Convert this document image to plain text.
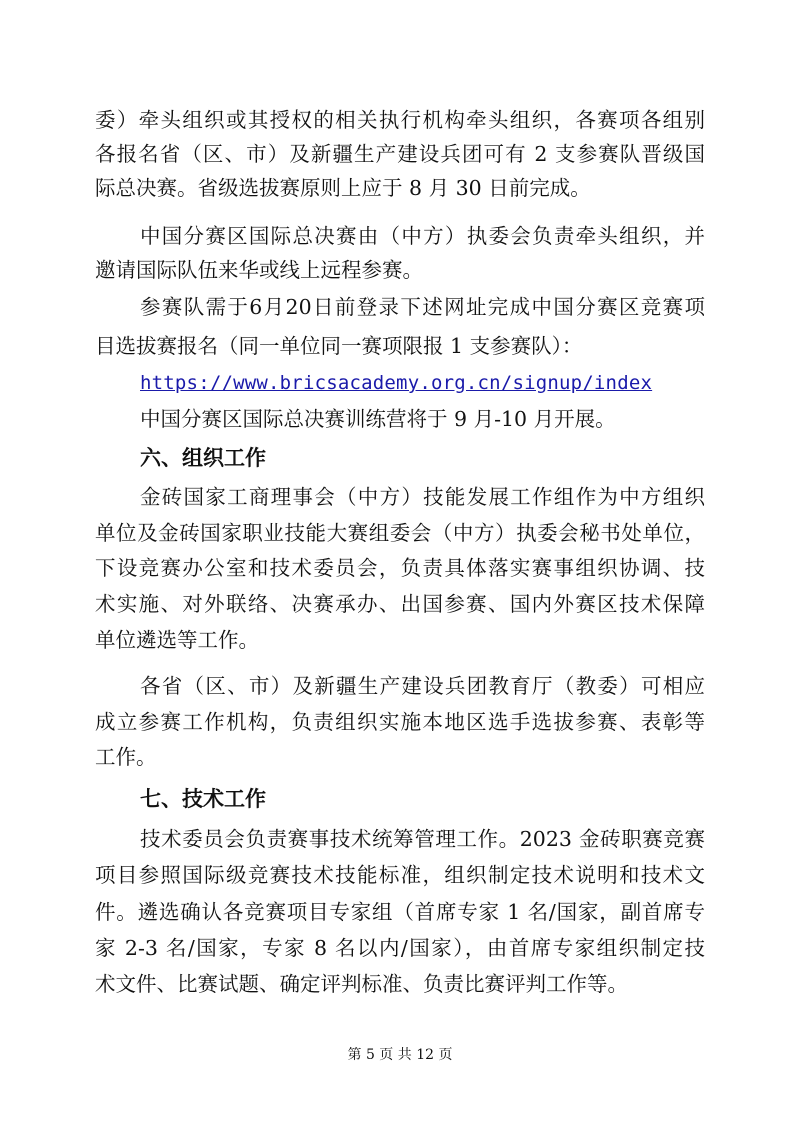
委）牵头组织或其授权的相关执行机构牵头组织，各赛项各组别
各报名省（区、市）及新疆生产建设兵团可有 2 支参赛队晋级国
际总决赛。省级选拔赛原则上应于 8 月 30 日前完成。
中国分赛区国际总决赛由（中方）执委会负责牵头组织，并
邀请国际队伍来华或线上远程参赛。
参赛队需于6月20日前登录下述网址完成中国分赛区竞赛项
目选拔赛报名（同一单位同一赛项限报 1 支参赛队）：
https://www.bricsacademy.org.cn/signup/index
中国分赛区国际总决赛训练营将于 9 月-10 月开展。
六、组织工作
金砖国家工商理事会（中方）技能发展工作组作为中方组织
单位及金砖国家职业技能大赛组委会（中方）执委会秘书处单位，
下设竞赛办公室和技术委员会，负责具体落实赛事组织协调、技
术实施、对外联络、决赛承办、出国参赛、国内外赛区技术保障
单位遴选等工作。
各省（区、市）及新疆生产建设兵团教育厅（教委）可相应
成立参赛工作机构，负责组织实施本地区选手选拔参赛、表彰等
工作。
七、技术工作
技术委员会负责赛事技术统筹管理工作。2023 金砖职赛竞赛
项目参照国际级竞赛技术技能标准，组织制定技术说明和技术文
件。遴选确认各竞赛项目专家组（首席专家 1 名/国家，副首席专
家 2-3 名/国家，专家 8 名以内/国家），由首席专家组织制定技
术文件、比赛试题、确定评判标准、负责比赛评判工作等。
第 5 页 共 12 页
